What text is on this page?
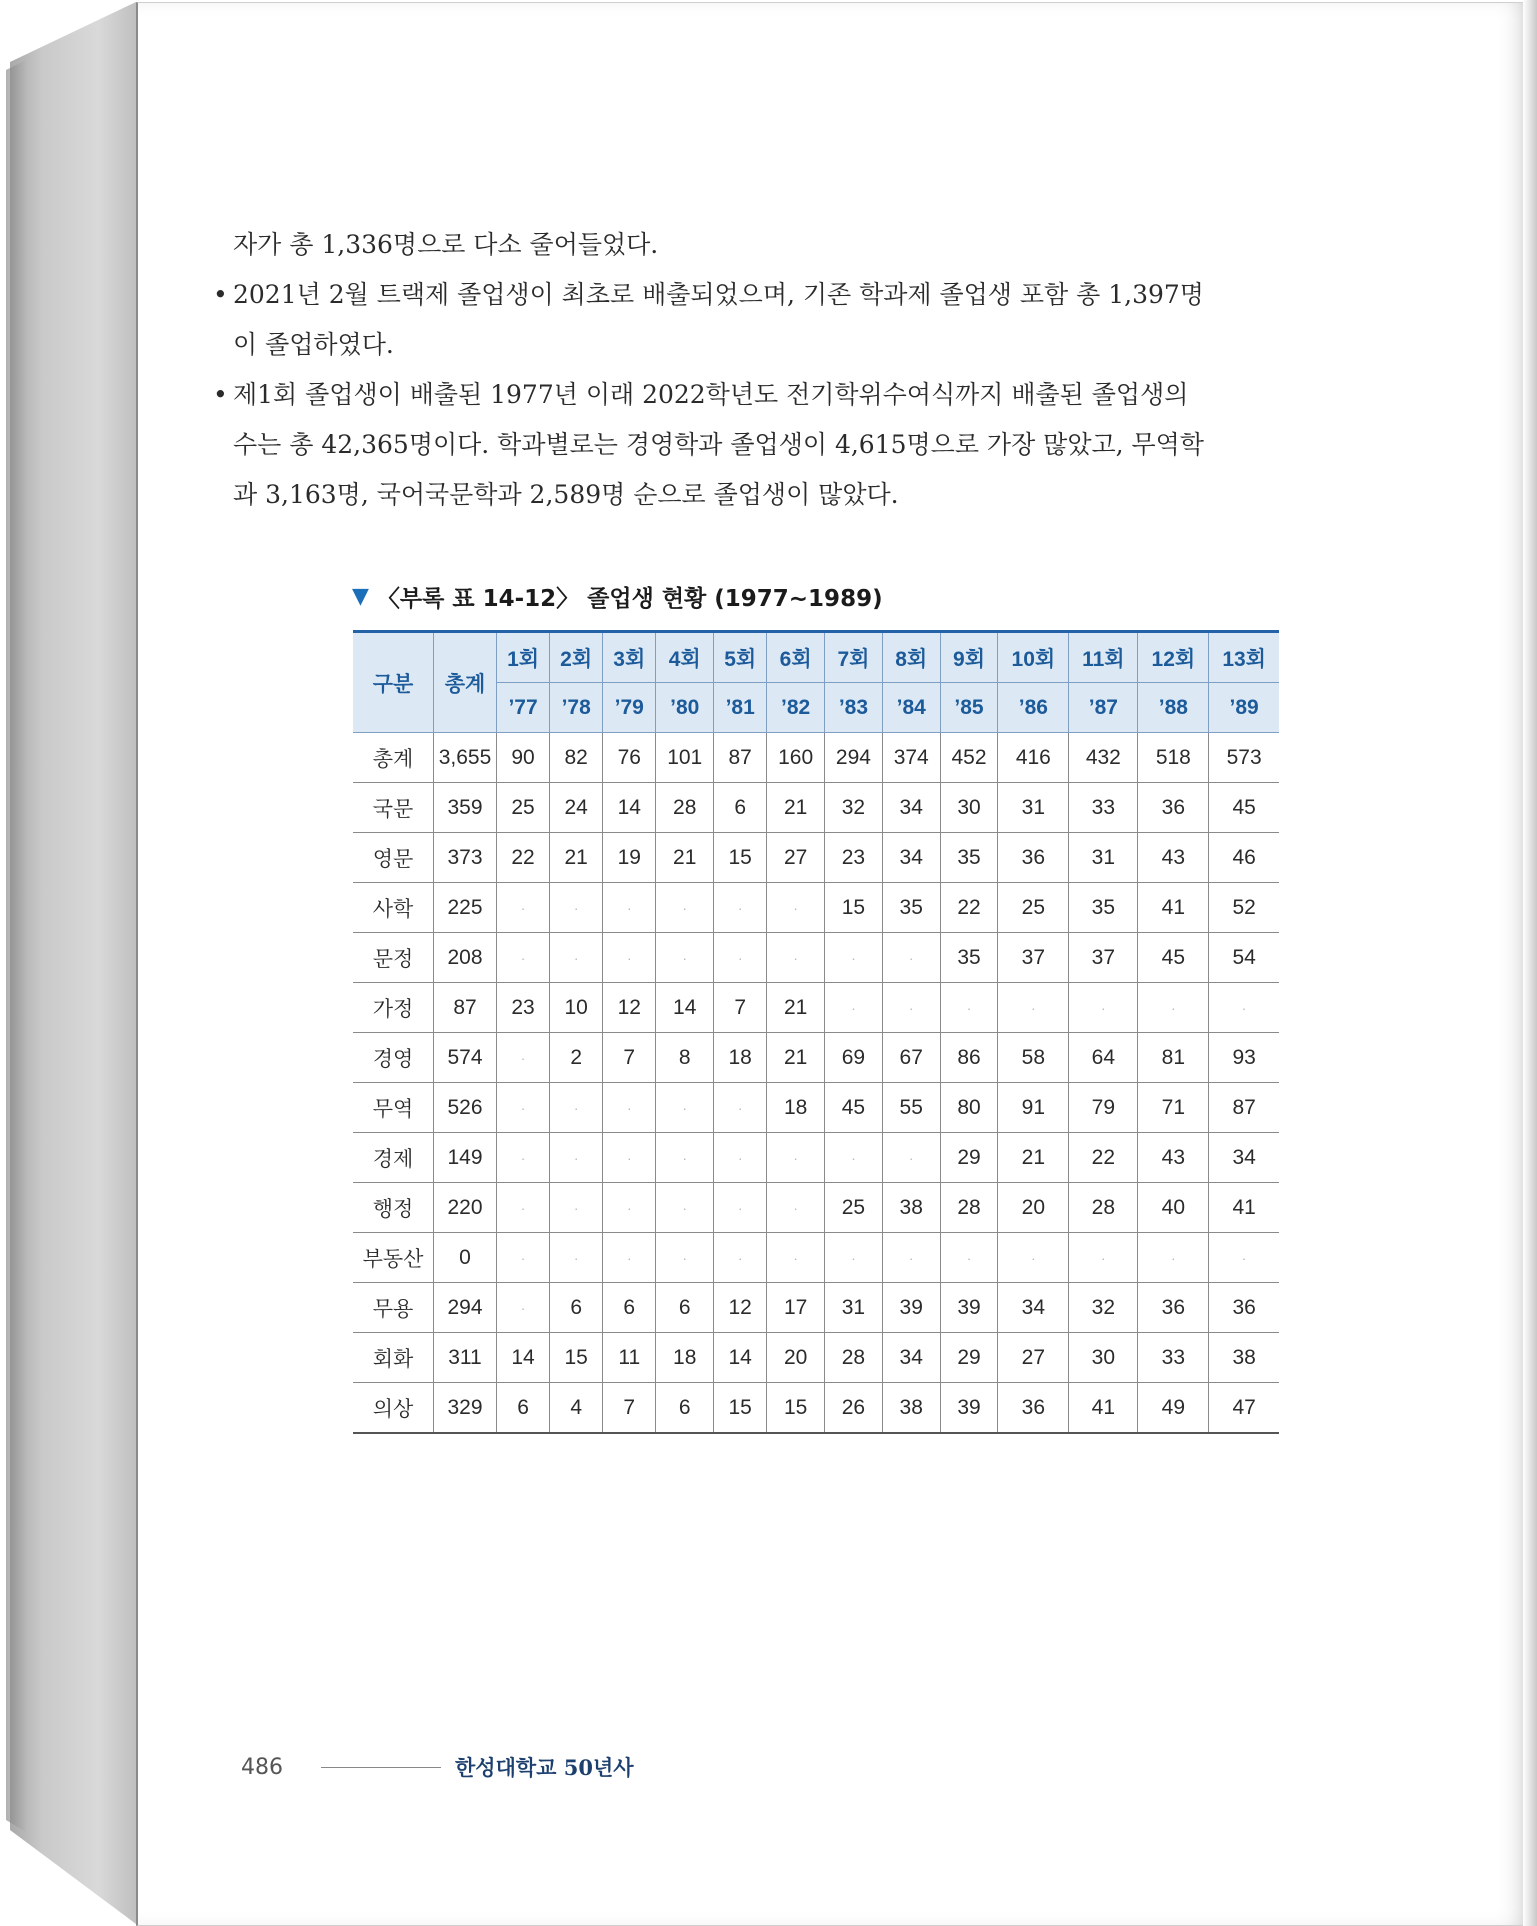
자가 총 1,336명으로 다소 줄어들었다.

• 2021년 2월 트랙제 졸업생이 최초로 배출되었으며, 기존 학과제 졸업생 포함 총 1,397명
이 졸업하였다.

• 제1회 졸업생이 배출된 1977년 이래 2022학년도 전기학위수여식까지 배출된 졸업생의
수는 총 42,365명이다. 학과별로는 경영학과 졸업생이 4,615명으로 가장 많았고, 무역학
과 3,163명, 국어국문학과 2,589명 순으로 졸업생이 많았다.

▼ 〈부록 표 14-12〉 졸업생 현황 (1977~1989)
구분	총계	1회	2회	3회	4회	5회	6회	7회	8회	9회	10회	11회	12회	13회
		’77	’78	’79	’80	’81	’82	’83	’84	’85	’86	’87	’88	’89
총계	3,655	90	82	76	101	87	160	294	374	452	416	432	518	573
국문	359	25	24	14	28	6	21	32	34	30	31	33	36	45
영문	373	22	21	19	21	15	27	23	34	35	36	31	43	46
사학	225	·	·	·	·	·	·	15	35	22	25	35	41	52
문정	208	·	·	·	·	·	·	·	·	35	37	37	45	54
가정	87	23	10	12	14	7	21	·	·	·	·	·	·	·
경영	574	·	2	7	8	18	21	69	67	86	58	64	81	93
무역	526	·	·	·	·	·	18	45	55	80	91	79	71	87
경제	149	·	·	·	·	·	·	·	·	29	21	22	43	34
행정	220	·	·	·	·	·	·	25	38	28	20	28	40	41
부동산	0	·	·	·	·	·	·	·	·	·	·	·	·	·
무용	294	·	6	6	6	12	17	31	39	39	34	32	36	36
회화	311	14	15	11	18	14	20	28	34	29	27	30	33	38
의상	329	6	4	7	6	15	15	26	38	39	36	41	49	47
486	한성대학교 50년사
